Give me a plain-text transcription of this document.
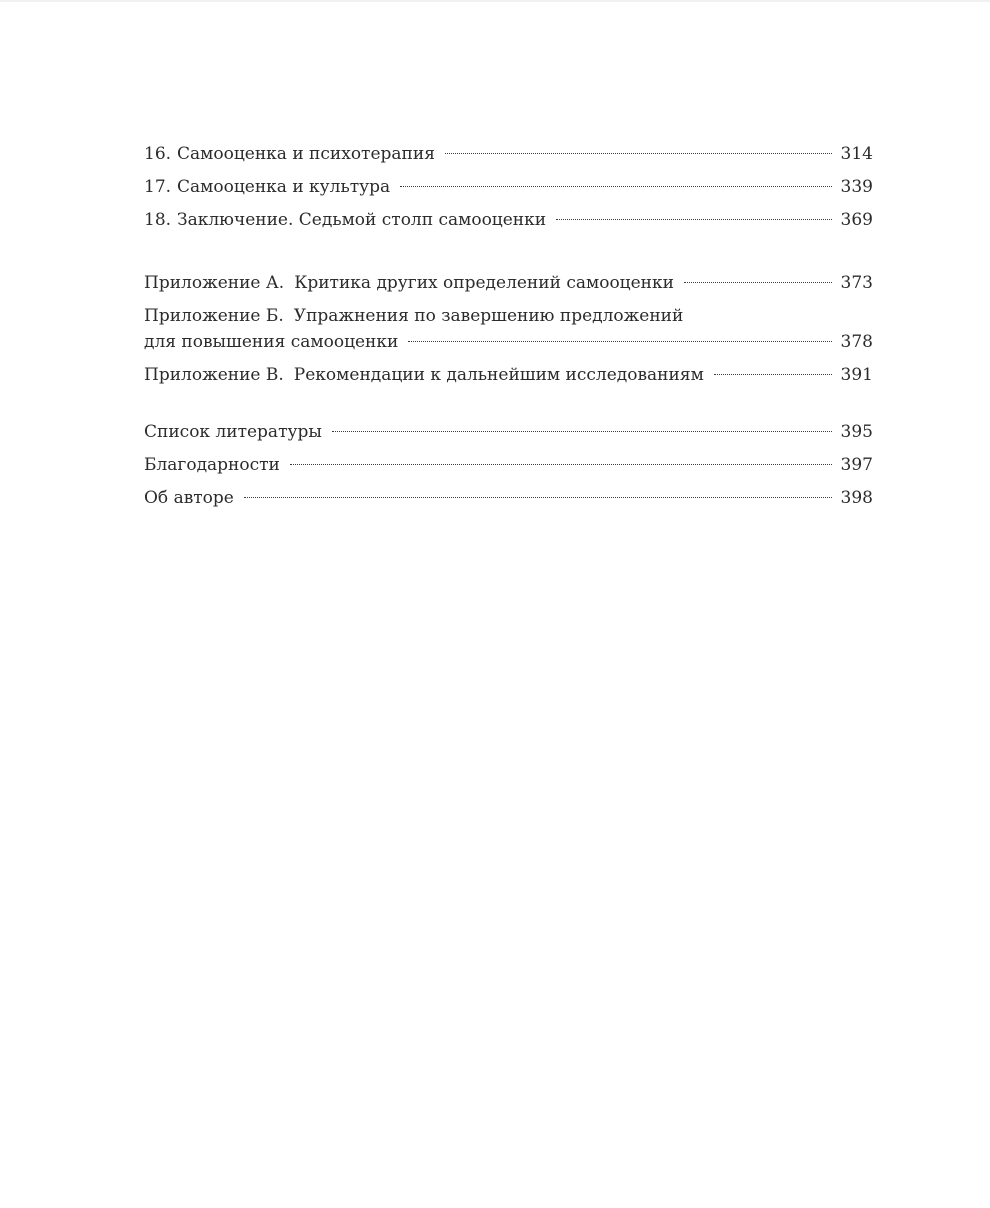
16. Самооценка и психотерапия	314
17. Самооценка и культура	339
18. Заключение. Седьмой столп самооценки	369
Приложение А. Критика других определений самооценки	373
Приложение Б. Упражнения по завершению предложений
для повышения самооценки	378
Приложение В. Рекомендации к дальнейшим исследованиям	391
Список литературы	395
Благодарности	397
Об авторе	398
